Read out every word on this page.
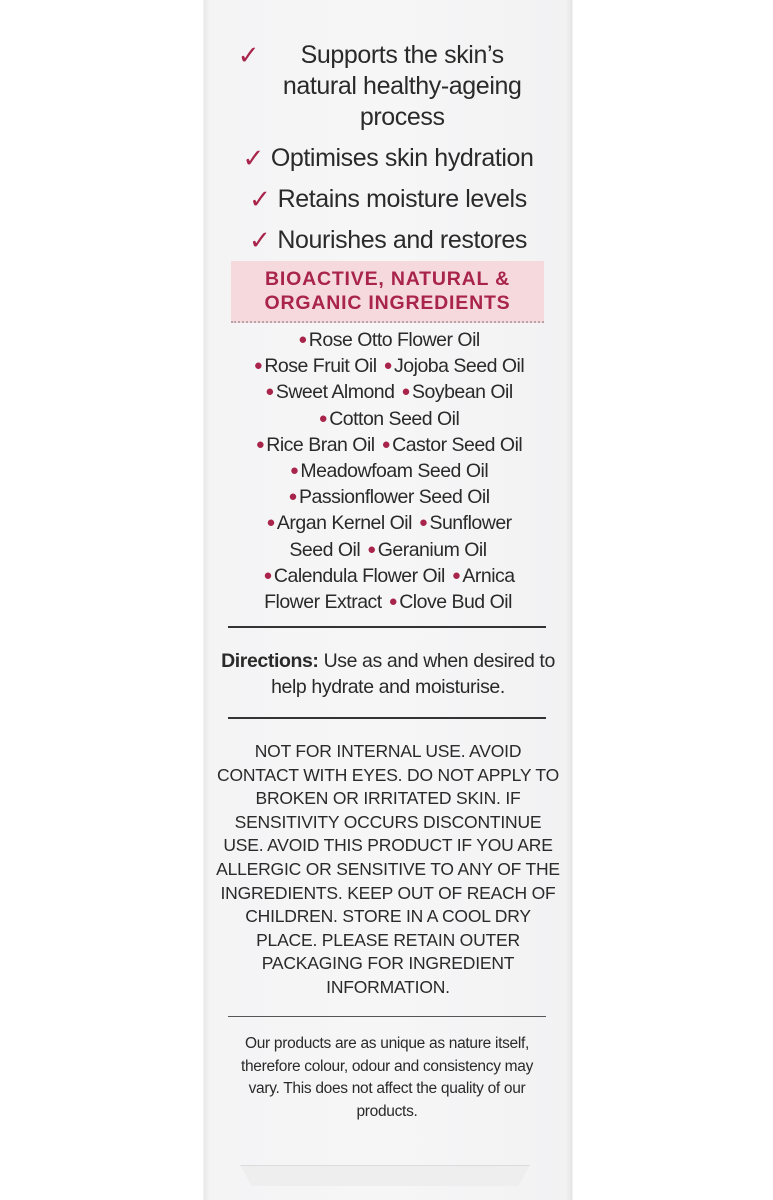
✓	Supports the skin’s natural healthy-ageing process
✓ Optimises skin hydration
✓ Retains moisture levels
✓ Nourishes and restores
BIOACTIVE, NATURAL &
ORGANIC INGREDIENTS
● Rose Otto Flower Oil
● Rose Fruit Oil ● Jojoba Seed Oil
● Sweet Almond ● Soybean Oil
● Cotton Seed Oil
● Rice Bran Oil ● Castor Seed Oil
● Meadowfoam Seed Oil
● Passionflower Seed Oil
● Argan Kernel Oil ● Sunflower Seed Oil ● Geranium Oil
● Calendula Flower Oil ● Arnica Flower Extract ● Clove Bud Oil
Directions: Use as and when desired to help hydrate and moisturise.
NOT FOR INTERNAL USE. AVOID CONTACT WITH EYES. DO NOT APPLY TO BROKEN OR IRRITATED SKIN. IF SENSITIVITY OCCURS DISCONTINUE USE. AVOID THIS PRODUCT IF YOU ARE ALLERGIC OR SENSITIVE TO ANY OF THE INGREDIENTS. KEEP OUT OF REACH OF CHILDREN. STORE IN A COOL DRY PLACE. PLEASE RETAIN OUTER PACKAGING FOR INGREDIENT INFORMATION.
Our products are as unique as nature itself, therefore colour, odour and consistency may vary. This does not affect the quality of our products.
